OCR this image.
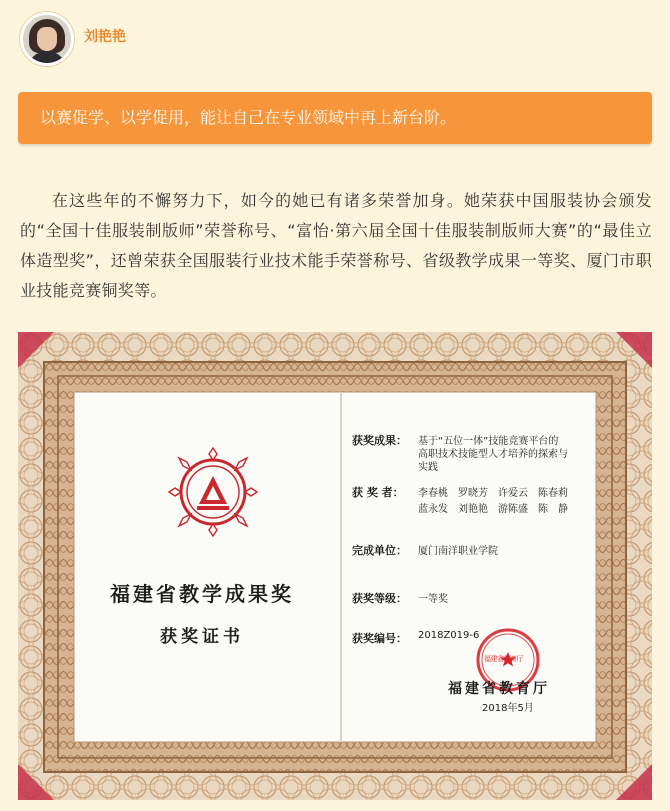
刘艳艳
以赛促学、以学促用，能让自己在专业领域中再上新台阶。
在这些年的不懈努力下，如今的她已有诸多荣誉加身。她荣获中国服装协会颁发的“全国十佳服装制版师”荣誉称号、“富怡·第六届全国十佳服装制版师大赛”的“最佳立体造型奖”，还曾荣获全国服装行业技术能手荣誉称号、省级教学成果一等奖、厦门市职业技能竞赛铜奖等。
福建省教学成果奖
获奖证书
获奖成果： 基于“五位一体”技能竞赛平台的
高职技术技能型人才培养的探索与
实践
获 奖 者： 李春桃　罗晓芳　许爱云　陈春莉
蓝永发　刘艳艳　游陈盛　陈　静
完成单位： 厦门南洋职业学院
获奖等级： 一等奖
获奖编号： 2018Z019-6
福建省教育厅
福建省教育厅
2018年5月
